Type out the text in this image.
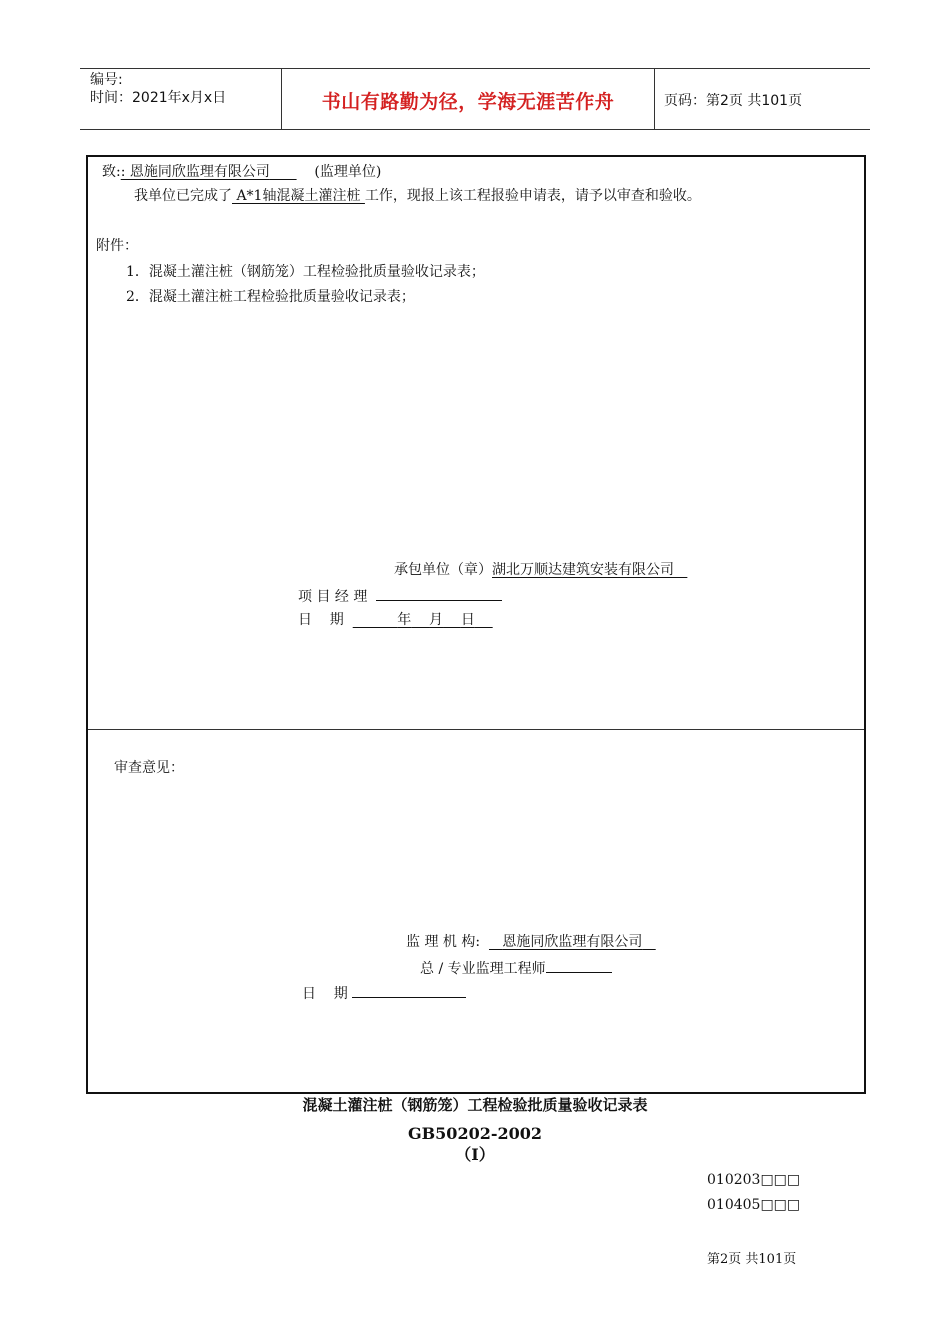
编号:
时间：2021年x月x日	书山有路勤为径，学海无涯苦作舟	页码：第2页 共101页
致:: 恩施同欣监理有限公司	(监理单位)
我单位已完成了 A*1轴混凝土灌注桩 工作，现报上该工程报验申请表，请予以审查和验收。
附件：
1．混凝土灌注桩（钢筋笼）工程检验批质量验收记录表；
2．混凝土灌注桩工程检验批质量验收记录表；
承包单位（章）湖北万顺达建筑安装有限公司
项 目 经 理
日    期	年 月 日
审查意见：
监 理 机 构: 恩施同欣监理有限公司
总 / 专业监理工程师
日    期
混凝土灌注桩（钢筋笼）工程检验批质量验收记录表
GB50202-2002
（Ⅰ）
010203□□□
010405□□□
第2页 共101页
